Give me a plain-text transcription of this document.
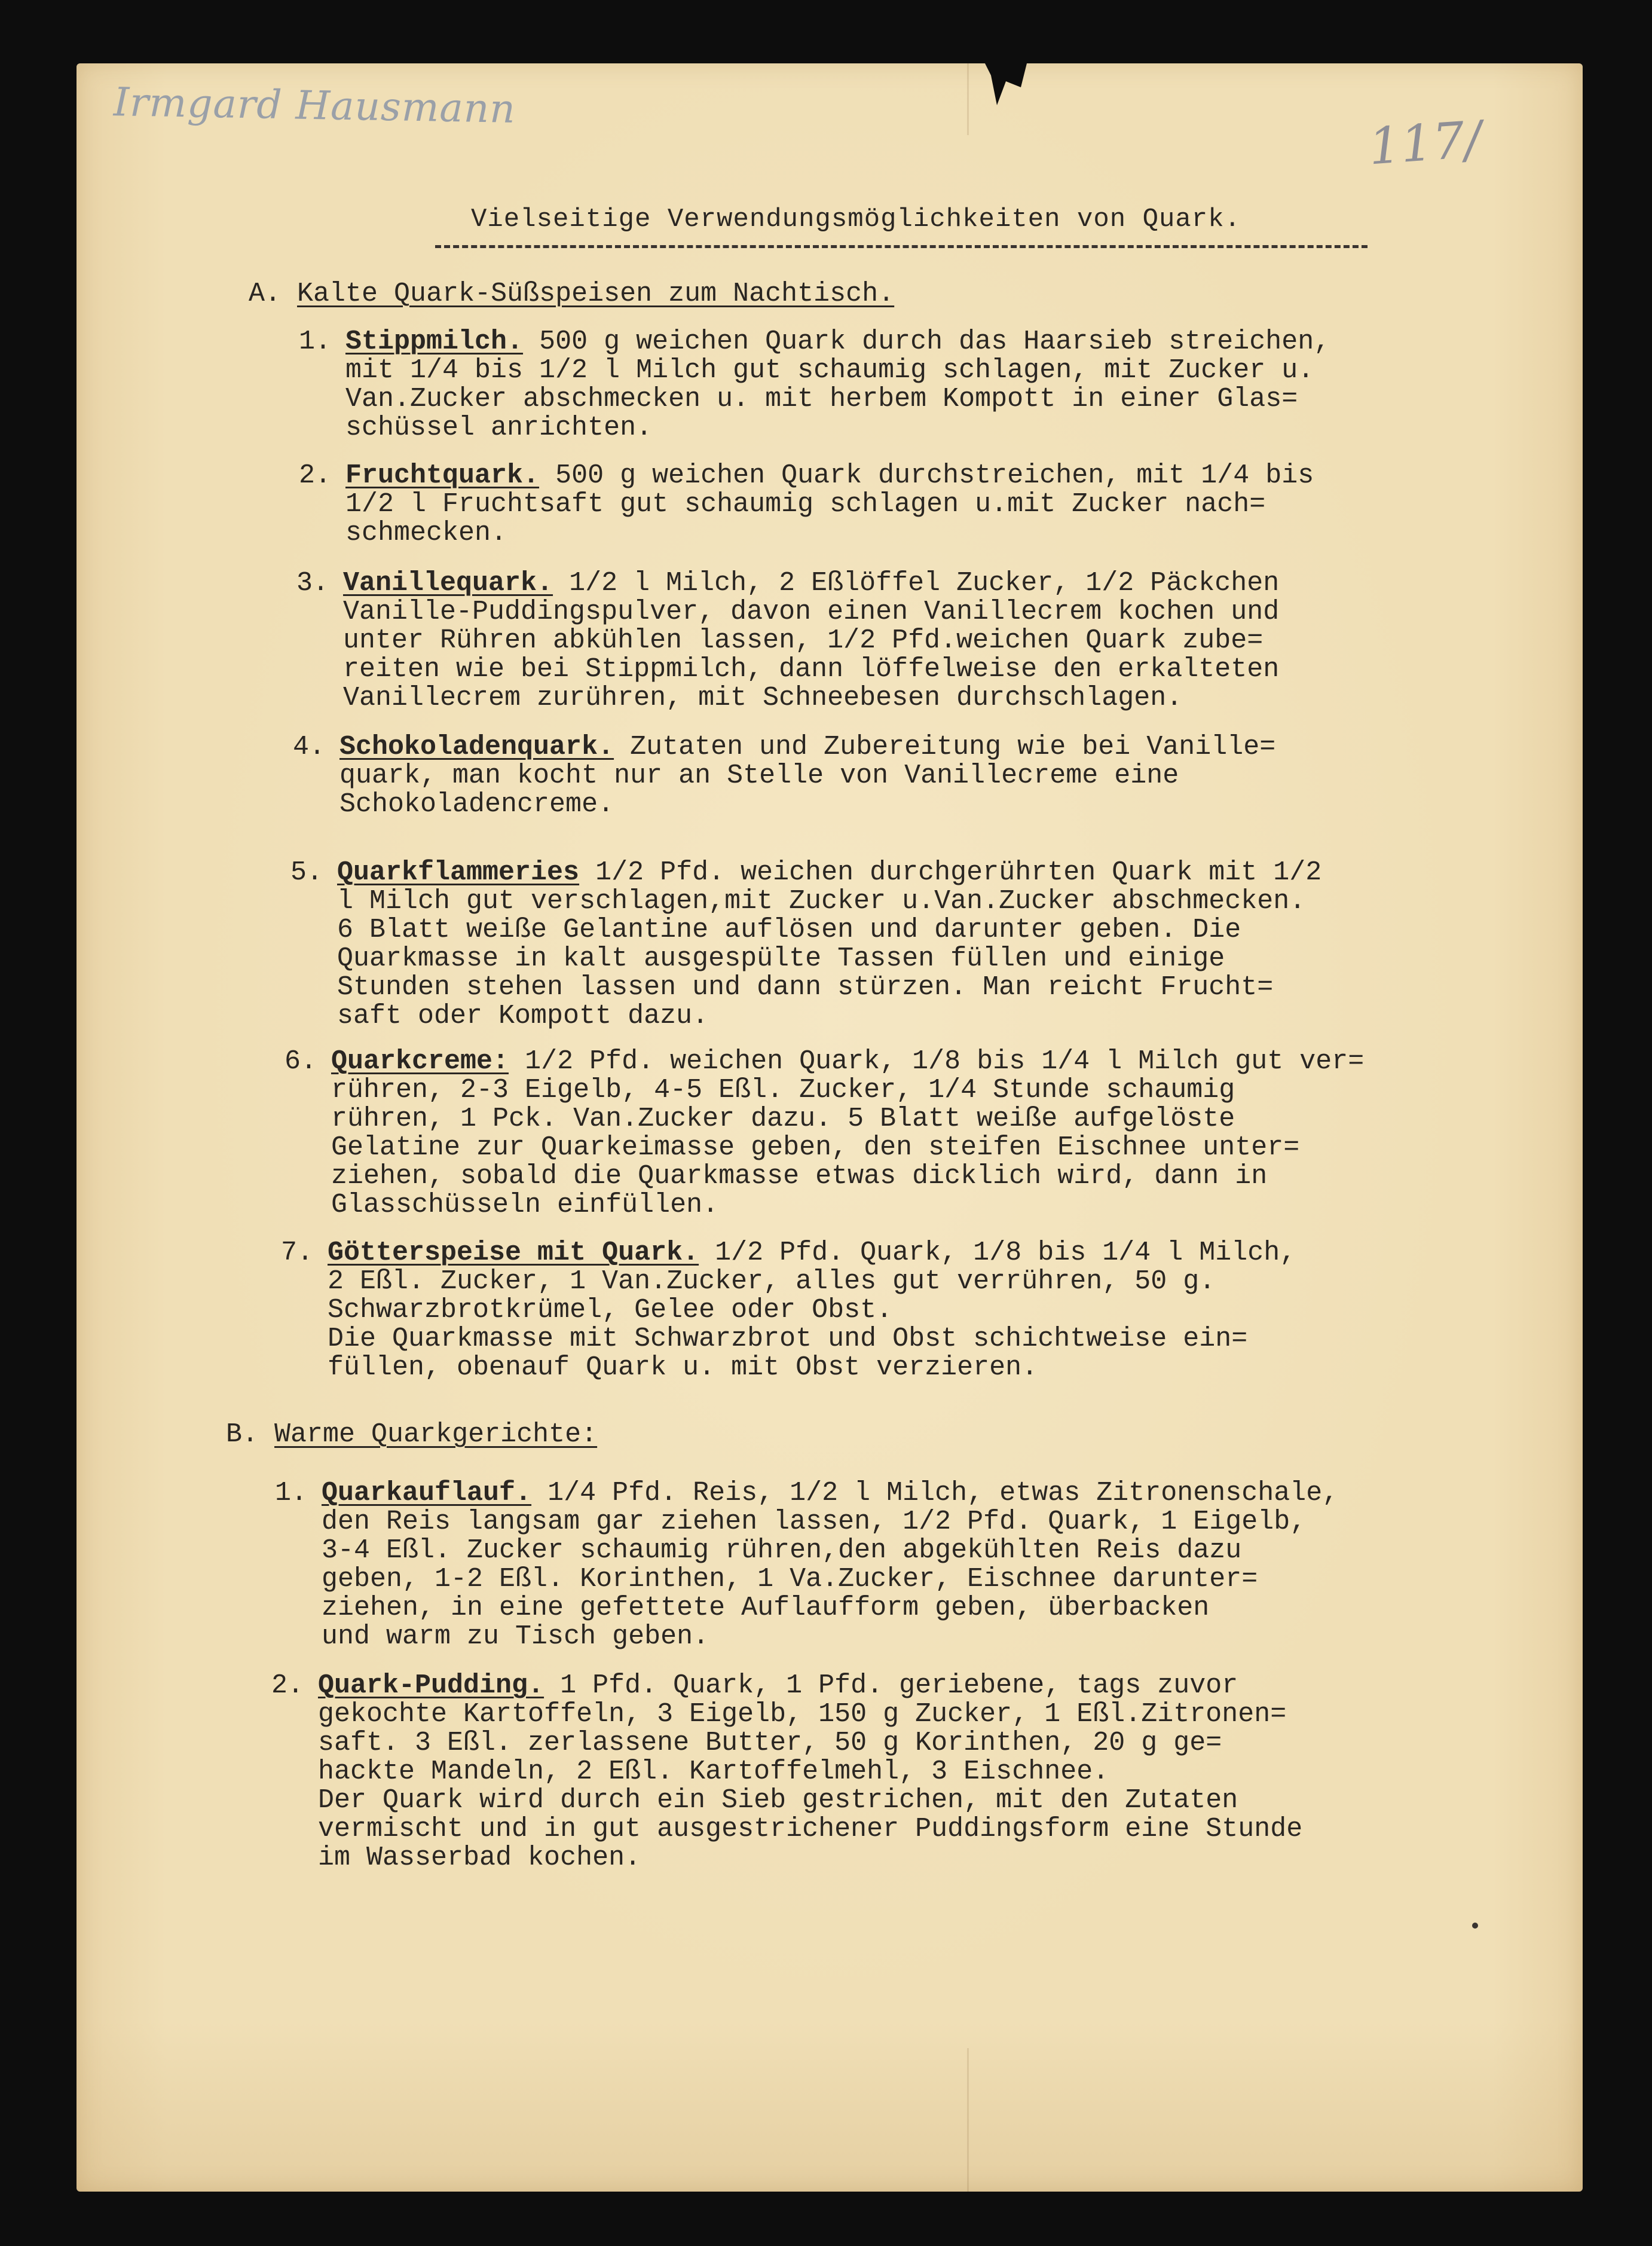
Irmgard Hausmann
117/
Vielseitige Verwendungsmöglichkeiten von Quark.
A. Kalte Quark-Süßspeisen zum Nachtisch.
1. Stippmilch. 500 g weichen Quark durch das Haarsieb streichen,
mit 1/4 bis 1/2 l Milch gut schaumig schlagen, mit Zucker u.
Van.Zucker abschmecken u. mit herbem Kompott in einer Glas=
schüssel anrichten.
2. Fruchtquark. 500 g weichen Quark durchstreichen, mit 1/4 bis
1/2 l Fruchtsaft gut schaumig schlagen u.mit Zucker nach=
schmecken.
3. Vanillequark. 1/2 l Milch, 2 Eßlöffel Zucker, 1/2 Päckchen
Vanille-Puddingspulver, davon einen Vanillecrem kochen und
unter Rühren abkühlen lassen, 1/2 Pfd.weichen Quark zube=
reiten wie bei Stippmilch, dann löffelweise den erkalteten
Vanillecrem zurühren, mit Schneebesen durchschlagen.
4. Schokoladenquark. Zutaten und Zubereitung wie bei Vanille=
quark, man kocht nur an Stelle von Vanillecreme eine
Schokoladencreme.
5. Quarkflammeries 1/2 Pfd. weichen durchgerührten Quark mit 1/2
l Milch gut verschlagen,mit Zucker u.Van.Zucker abschmecken.
6 Blatt weiße Gelantine auflösen und darunter geben. Die
Quarkmasse in kalt ausgespülte Tassen füllen und einige
Stunden stehen lassen und dann stürzen. Man reicht Frucht=
saft oder Kompott dazu.
6. Quarkcreme: 1/2 Pfd. weichen Quark, 1/8 bis 1/4 l Milch gut ver=
rühren, 2-3 Eigelb, 4-5 Eßl. Zucker, 1/4 Stunde schaumig
rühren, 1 Pck. Van.Zucker dazu. 5 Blatt weiße aufgelöste
Gelatine zur Quarkeimasse geben, den steifen Eischnee unter=
ziehen, sobald die Quarkmasse etwas dicklich wird, dann in
Glasschüsseln einfüllen.
7. Götterspeise mit Quark. 1/2 Pfd. Quark, 1/8 bis 1/4 l Milch,
2 Eßl. Zucker, 1 Van.Zucker, alles gut verrühren, 50 g.
Schwarzbrotkrümel, Gelee oder Obst.
Die Quarkmasse mit Schwarzbrot und Obst schichtweise ein=
füllen, obenauf Quark u. mit Obst verzieren.
B. Warme Quarkgerichte:
1. Quarkauflauf. 1/4 Pfd. Reis, 1/2 l Milch, etwas Zitronenschale,
den Reis langsam gar ziehen lassen, 1/2 Pfd. Quark, 1 Eigelb,
3-4 Eßl. Zucker schaumig rühren,den abgekühlten Reis dazu
geben, 1-2 Eßl. Korinthen, 1 Va.Zucker, Eischnee darunter=
ziehen, in eine gefettete Auflaufform geben, überbacken
und warm zu Tisch geben.
2. Quark-Pudding. 1 Pfd. Quark, 1 Pfd. geriebene, tags zuvor
gekochte Kartoffeln, 3 Eigelb, 150 g Zucker, 1 Eßl.Zitronen=
saft. 3 Eßl. zerlassene Butter, 50 g Korinthen, 20 g ge=
hackte Mandeln, 2 Eßl. Kartoffelmehl, 3 Eischnee.
Der Quark wird durch ein Sieb gestrichen, mit den Zutaten
vermischt und in gut ausgestrichener Puddingsform eine Stunde
im Wasserbad kochen.
